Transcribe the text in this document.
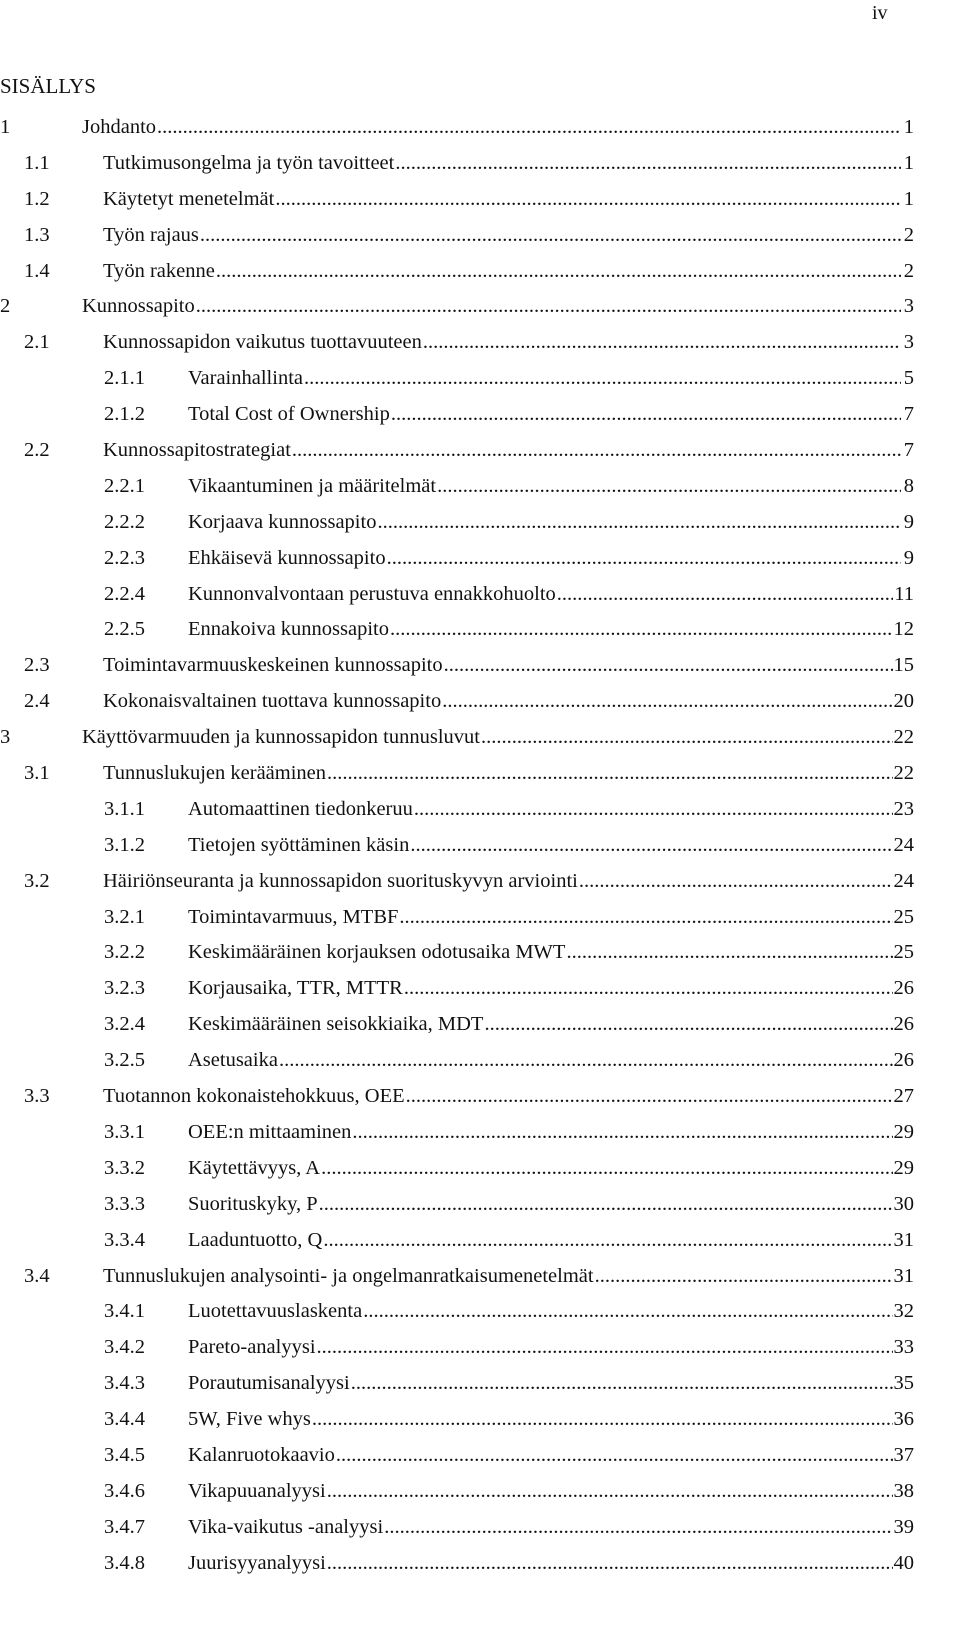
iv
SISÄLLYS
1	Johdanto .....	1
1.1	Tutkimusongelma ja työn tavoitteet .....	1
1.2	Käytetyt menetelmät .....	1
1.3	Työn rajaus .....	2
1.4	Työn rakenne .....	2
2	Kunnossapito .....	3
2.1	Kunnossapidon vaikutus tuottavuuteen .....	3
2.1.1	Varainhallinta .....	5
2.1.2	Total Cost of Ownership .....	7
2.2	Kunnossapitostrategiat .....	7
2.2.1	Vikaantuminen ja määritelmät .....	8
2.2.2	Korjaava kunnossapito .....	9
2.2.3	Ehkäisevä kunnossapito .....	9
2.2.4	Kunnonvalvontaan perustuva ennakkohuolto .....	11
2.2.5	Ennakoiva kunnossapito .....	12
2.3	Toimintavarmuuskeskeinen kunnossapito .....	15
2.4	Kokonaisvaltainen tuottava kunnossapito .....	20
3	Käyttövarmuuden ja kunnossapidon tunnusluvut .....	22
3.1	Tunnuslukujen kerääminen .....	22
3.1.1	Automaattinen tiedonkeruu .....	23
3.1.2	Tietojen syöttäminen käsin .....	24
3.2	Häiriönseuranta ja kunnossapidon suorituskyvyn arviointi .....	24
3.2.1	Toimintavarmuus, MTBF .....	25
3.2.2	Keskimääräinen korjauksen odotusaika MWT .....	25
3.2.3	Korjausaika, TTR, MTTR .....	26
3.2.4	Keskimääräinen seisokkiaika, MDT .....	26
3.2.5	Asetusaika .....	26
3.3	Tuotannon kokonaistehokkuus, OEE .....	27
3.3.1	OEE:n mittaaminen .....	29
3.3.2	Käytettävyys, A .....	29
3.3.3	Suorituskyky, P .....	30
3.3.4	Laaduntuotto, Q .....	31
3.4	Tunnuslukujen analysointi- ja ongelmanratkaisumenetelmät .....	31
3.4.1	Luotettavuuslaskenta .....	32
3.4.2	Pareto-analyysi .....	33
3.4.3	Porautumisanalyysi .....	35
3.4.4	5W, Five whys .....	36
3.4.5	Kalanruotokaavio .....	37
3.4.6	Vikapuuanalyysi .....	38
3.4.7	Vika-vaikutus -analyysi .....	39
3.4.8	Juurisyyanalyysi .....	40
